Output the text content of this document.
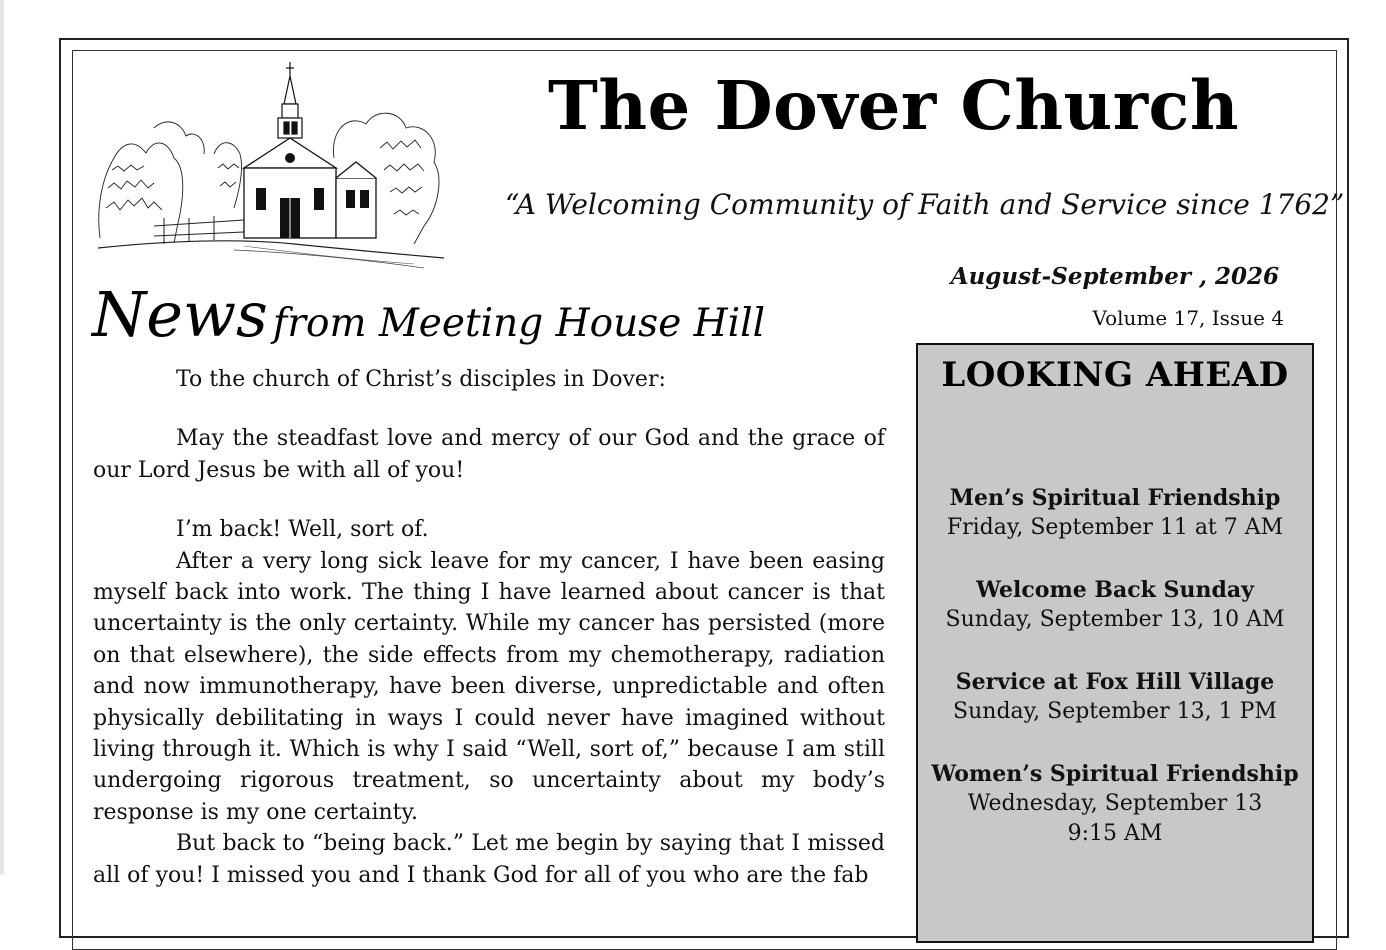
The Dover Church
“A Welcoming Community of Faith and Service since 1762”
August-September , 2026
Volume 17, Issue 4
News from Meeting House Hill

To the church of Christ’s disciples in Dover:

May the steadfast love and mercy of our God and the grace of our Lord Jesus be with all of you!

I’m back! Well, sort of.

After a very long sick leave for my cancer, I have been easing myself back into work. The thing I have learned about cancer is that uncertainty is the only certainty. While my cancer has persisted (more on that elsewhere), the side effects from my chemotherapy, radiation and now immunotherapy, have been diverse, unpredictable and often physically debilitating in ways I could never have imagined without living through it. Which is why I said “Well, sort of,” because I am still undergoing rigorous treatment, so uncertainty about my body’s response is my one certainty.

But back to “being back.” Let me begin by saying that I missed all of you! I missed you and I thank God for all of you who are the fab

LOOKING AHEAD
Men’s Spiritual Friendship
Friday, September 11 at 7 AM
Welcome Back Sunday
Sunday, September 13, 10 AM
Service at Fox Hill Village
Sunday, September 13, 1 PM
Women’s Spiritual Friendship
Wednesday, September 13
9:15 AM
